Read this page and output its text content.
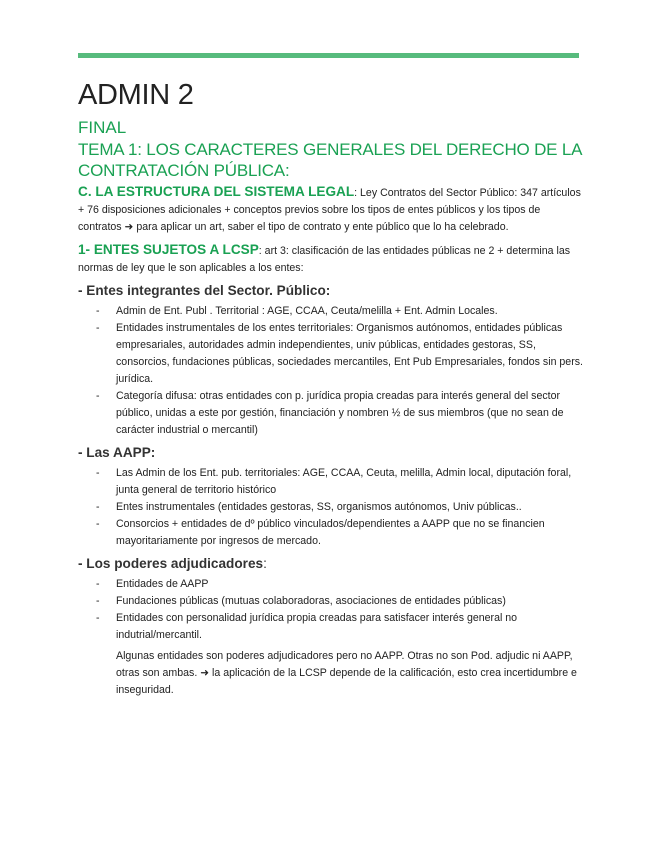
ADMIN 2
FINAL
TEMA 1: LOS CARACTERES GENERALES DEL DERECHO DE LA CONTRATACIÓN PÚBLICA:

C. LA ESTRUCTURA DEL SISTEMA LEGAL: Ley Contratos del Sector Público: 347 artículos + 76 disposiciones adicionales + conceptos previos sobre los tipos de entes públicos y los tipos de contratos ➜ para aplicar un art, saber el tipo de contrato y ente público que lo ha celebrado.

1- ENTES SUJETOS A LCSP: art 3: clasificación de las entidades públicas ne 2 + determina las normas de ley que le son aplicables a los entes:

- Entes integrantes del Sector. Público:
- Admin de Ent. Publ . Territorial : AGE, CCAA, Ceuta/melilla + Ent. Admin Locales.
- Entidades instrumentales de los entes territoriales: Organismos autónomos, entidades públicas empresariales, autoridades admin independientes, univ públicas, entidades gestoras, SS, consorcios, fundaciones públicas, sociedades mercantiles, Ent Pub Empresariales, fondos sin pers. jurídica.
- Categoría difusa: otras entidades con p. jurídica propia creadas para interés general del sector público, unidas a este por gestión, financiación y nombren ½ de sus miembros (que no sean de carácter industrial o mercantil)
- Las AAPP:
- Las Admin de los Ent. pub. territoriales: AGE, CCAA, Ceuta, melilla, Admin local, diputación foral, junta general de territorio histórico
- Entes instrumentales (entidades gestoras, SS, organismos autónomos, Univ públicas..
- Consorcios + entidades de dº público vinculados/dependientes a AAPP que no se financien mayoritariamente por ingresos de mercado.
- Los poderes adjudicadores:
- Entidades de AAPP
- Fundaciones públicas (mutuas colaboradoras, asociaciones de entidades públicas)
- Entidades con personalidad jurídica propia creadas para satisfacer interés general no indutrial/mercantil.

Algunas entidades son poderes adjudicadores pero no AAPP. Otras no son Pod. adjudic ni AAPP, otras son ambas. ➜ la aplicación de la LCSP depende de la calificación, esto crea incertidumbre e inseguridad.
